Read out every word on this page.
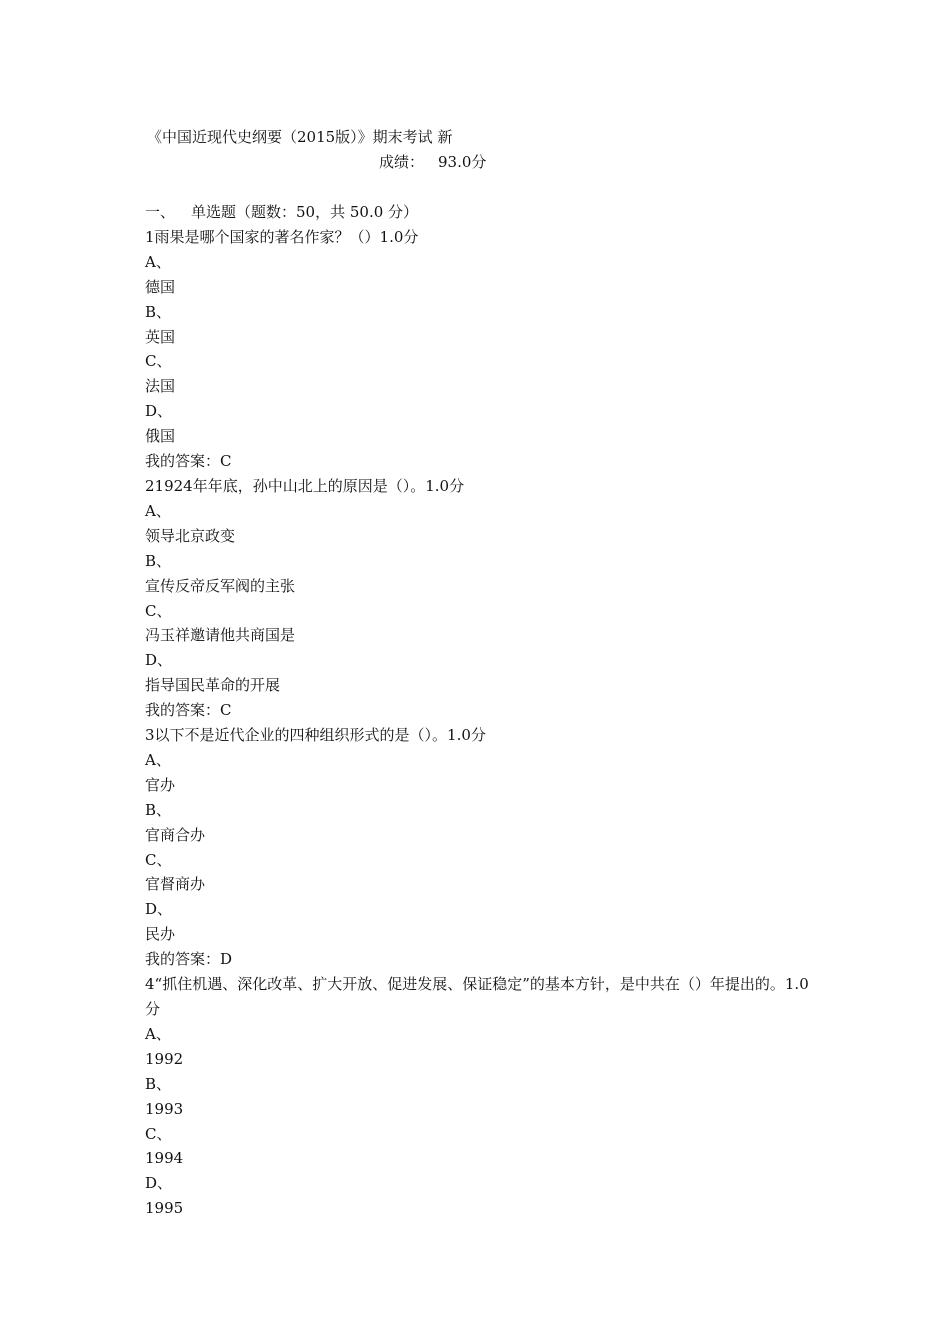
《中国近现代史纲要（2015版）》期末考试 新
成绩： 93.0分
一、 单选题（题数：50，共 50.0 分）
1雨果是哪个国家的著名作家？（）1.0分
A、
德国
B、
英国
C、
法国
D、
俄国
我的答案：C
21924年年底，孙中山北上的原因是（）。1.0分
A、
领导北京政变
B、
宣传反帝反军阀的主张
C、
冯玉祥邀请他共商国是
D、
指导国民革命的开展
我的答案：C
3以下不是近代企业的四种组织形式的是（）。1.0分
A、
官办
B、
官商合办
C、
官督商办
D、
民办
我的答案：D
4“抓住机遇、深化改革、扩大开放、促进发展、保证稳定”的基本方针，是中共在（）年提出的。1.0分
A、
1992
B、
1993
C、
1994
D、
1995
